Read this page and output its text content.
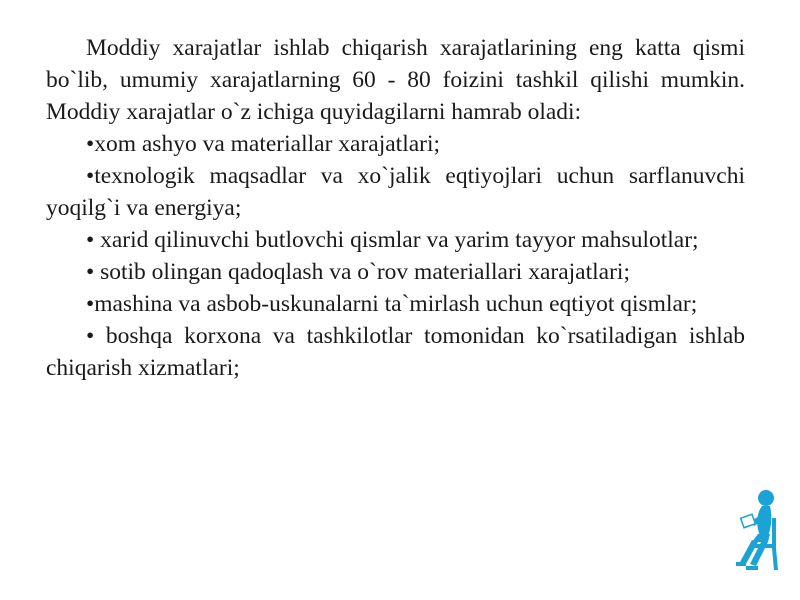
Moddiy xarajatlar ishlab chiqarish xarajatlarining eng katta qismi bo`lib, umumiy xarajatlarning 60 - 80 foizini tashkil qilishi mumkin. Moddiy xarajatlar o`z ichiga quyidagilarni hamrab oladi:

•xom ashyo va materiallar xarajatlari;

•texnologik maqsadlar va xo`jalik eqtiyojlari uchun sarflanuvchi yoqilg`i va energiya;

• xarid qilinuvchi butlovchi qismlar va yarim tayyor mahsulotlar;

• sotib olingan qadoqlash va o`rov materiallari xarajatlari;

•mashina va asbob-uskunalarni ta`mirlash uchun eqtiyot qismlar;

• boshqa korxona va tashkilotlar tomonidan ko`rsatiladigan ishlab chiqarish xizmatlari;
